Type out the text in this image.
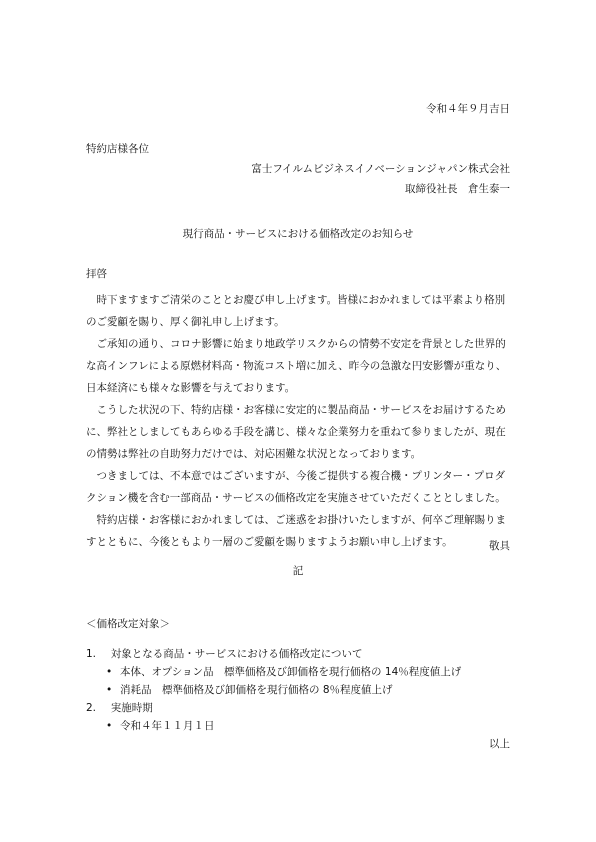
令和４年９月吉日
特約店様各位
富士フイルムビジネスイノベーションジャパン株式会社
取締役社長　倉生泰一
現行商品・サービスにおける価格改定のお知らせ
拝啓
時下ますますご清栄のこととお慶び申し上げます。皆様におかれましては平素より格別のご愛顧を賜り、厚く御礼申し上げます。
ご承知の通り、コロナ影響に始まり地政学リスクからの情勢不安定を背景とした世界的な高インフレによる原燃材料高・物流コスト増に加え、昨今の急激な円安影響が重なり、日本経済にも様々な影響を与えております。
こうした状況の下、特約店様・お客様に安定的に製品商品・サービスをお届けするために、弊社としましてもあらゆる手段を講じ、様々な企業努力を重ねて参りましたが、現在の情勢は弊社の自助努力だけでは、対応困難な状況となっております。
つきましては、不本意ではございますが、今後ご提供する複合機・プリンター・プロダクション機を含む一部商品・サービスの価格改定を実施させていただくこととしました。
特約店様・お客様におかれましては、ご迷惑をお掛けいたしますが、何卒ご理解賜りますとともに、今後ともより一層のご愛顧を賜りますようお願い申し上げます。	敬具
記
＜価格改定対象＞
1. 対象となる商品・サービスにおける価格改定について
• 本体、オプション品　標準価格及び卸価格を現行価格の 14％程度値上げ
• 消耗品　標準価格及び卸価格を現行価格の 8％程度値上げ
2. 実施時期
• 令和４年１１月１日
以上
